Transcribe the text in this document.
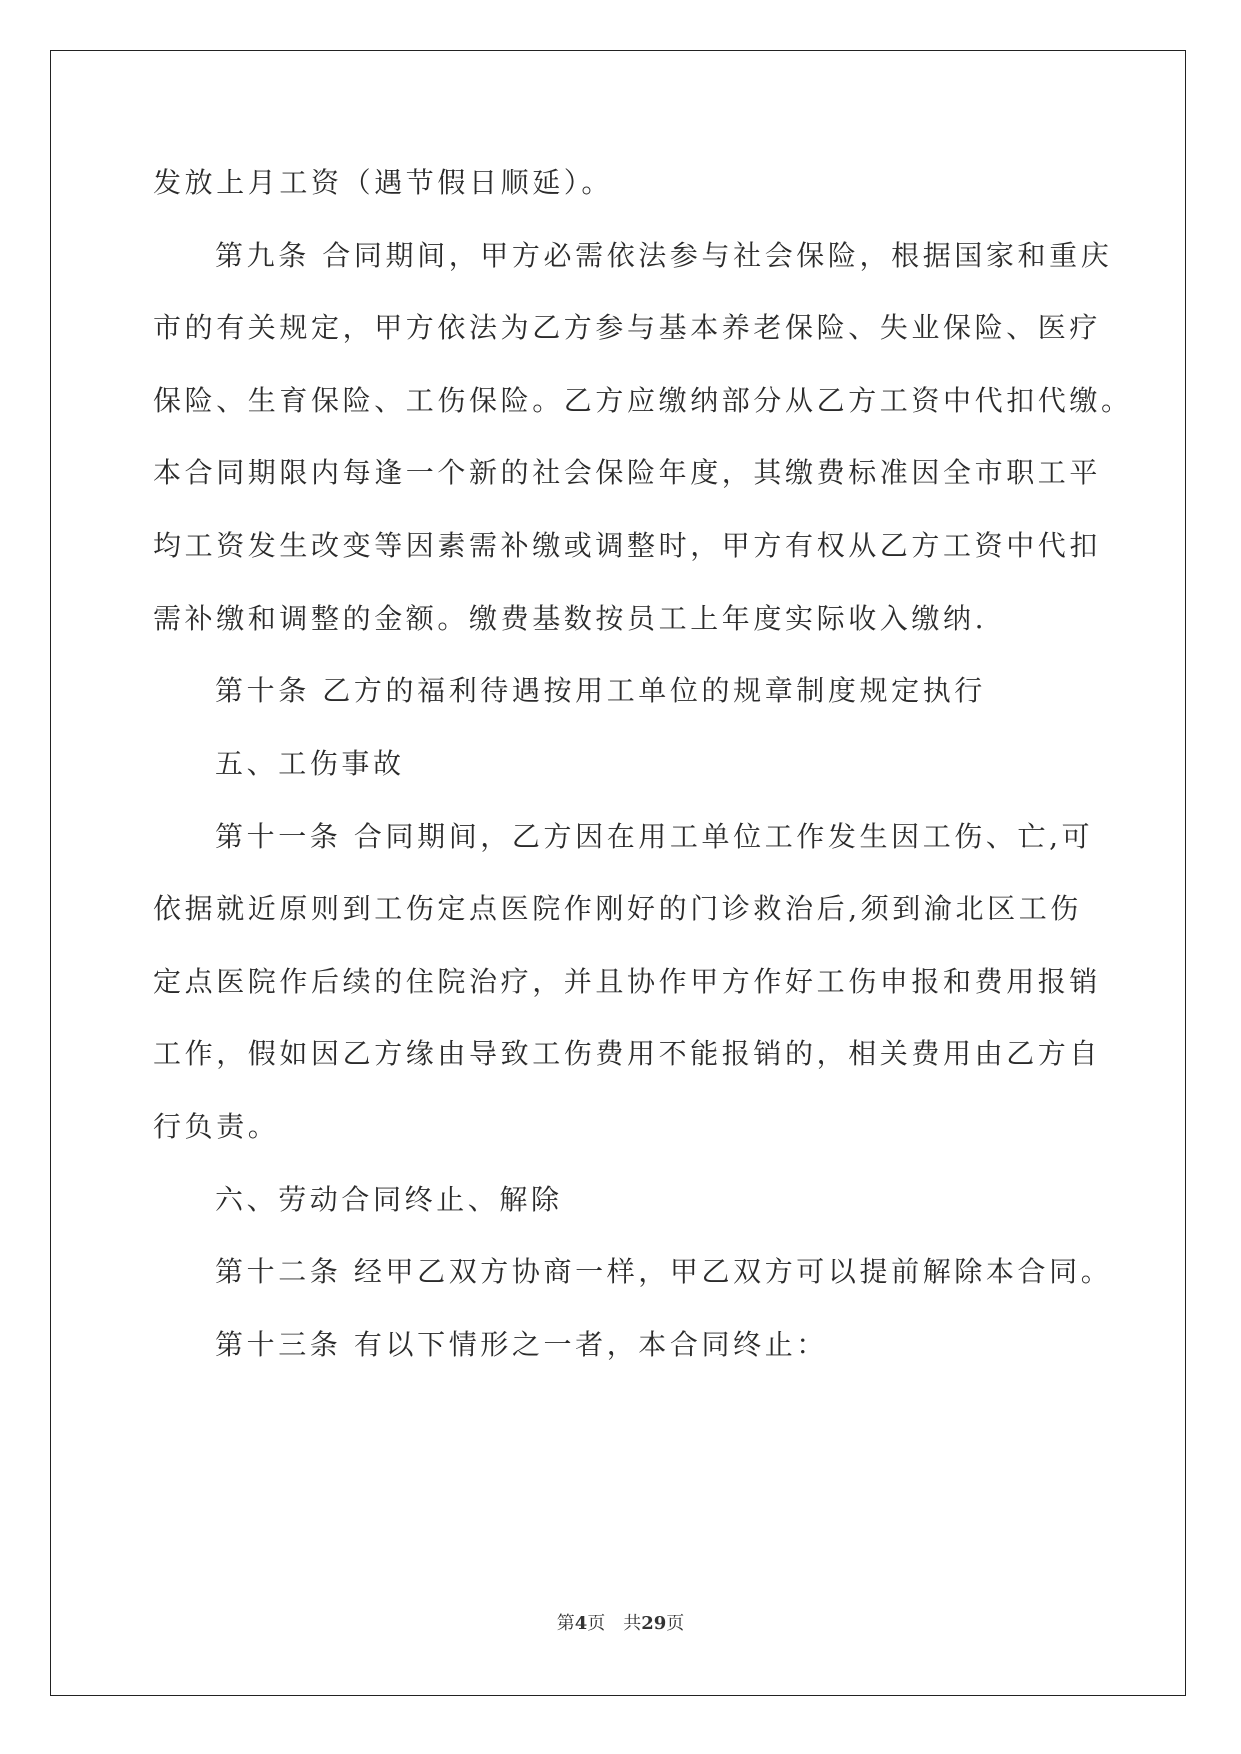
发放上月工资（遇节假日顺延）。
第九条 合同期间，甲方必需依法参与社会保险，根据国家和重庆
市的有关规定，甲方依法为乙方参与基本养老保险、失业保险、医疗
保险、生育保险、工伤保险。乙方应缴纳部分从乙方工资中代扣代缴。
本合同期限内每逢一个新的社会保险年度，其缴费标准因全市职工平
均工资发生改变等因素需补缴或调整时，甲方有权从乙方工资中代扣
需补缴和调整的金额。缴费基数按员工上年度实际收入缴纳.
第十条 乙方的福利待遇按用工单位的规章制度规定执行
五、工伤事故
第十一条 合同期间，乙方因在用工单位工作发生因工伤、亡,可
依据就近原则到工伤定点医院作刚好的门诊救治后,须到渝北区工伤
定点医院作后续的住院治疗，并且协作甲方作好工伤申报和费用报销
工作，假如因乙方缘由导致工伤费用不能报销的，相关费用由乙方自
行负责。
六、劳动合同终止、解除
第十二条 经甲乙双方协商一样，甲乙双方可以提前解除本合同。
第十三条 有以下情形之一者，本合同终止：
第4页 共29页
